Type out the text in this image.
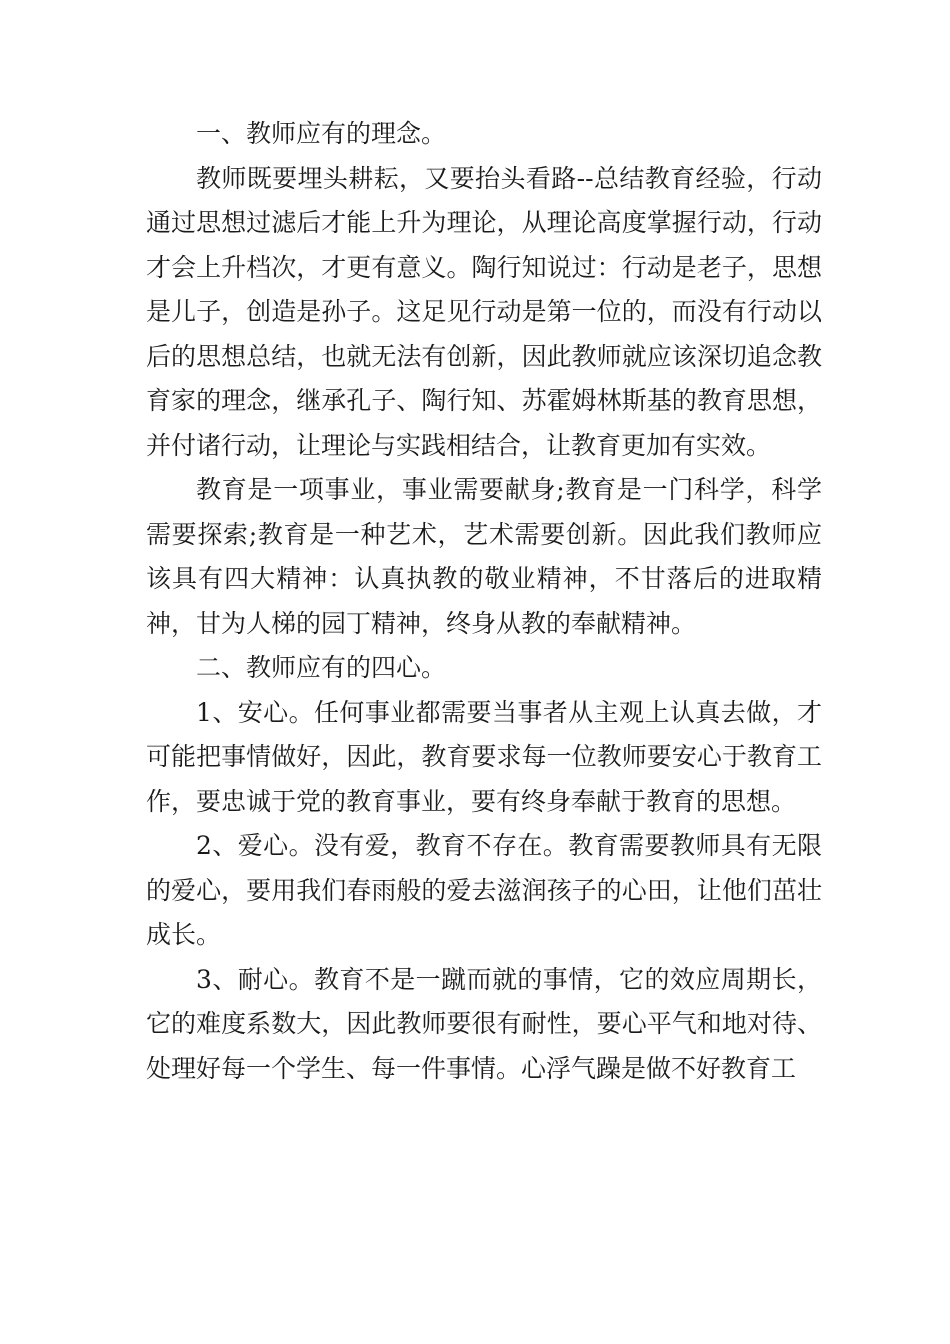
一、教师应有的理念。

教师既要埋头耕耘，又要抬头看路--总结教育经验，行动通过思想过滤后才能上升为理论，从理论高度掌握行动，行动才会上升档次，才更有意义。陶行知说过：行动是老子，思想是儿子，创造是孙子。这足见行动是第一位的，而没有行动以后的思想总结，也就无法有创新，因此教师就应该深切追念教育家的理念，继承孔子、陶行知、苏霍姆林斯基的教育思想，并付诸行动，让理论与实践相结合，让教育更加有实效。

教育是一项事业，事业需要献身;教育是一门科学，科学需要探索;教育是一种艺术，艺术需要创新。因此我们教师应该具有四大精神：认真执教的敬业精神，不甘落后的进取精神，甘为人梯的园丁精神，终身从教的奉献精神。

二、教师应有的四心。

1、安心。任何事业都需要当事者从主观上认真去做，才可能把事情做好，因此，教育要求每一位教师要安心于教育工作，要忠诚于党的教育事业，要有终身奉献于教育的思想。

2、爱心。没有爱，教育不存在。教育需要教师具有无限的爱心，要用我们春雨般的爱去滋润孩子的心田，让他们茁壮成长。

3、耐心。教育不是一蹴而就的事情，它的效应周期长，它的难度系数大，因此教师要很有耐性，要心平气和地对待、处理好每一个学生、每一件事情。心浮气躁是做不好教育工
